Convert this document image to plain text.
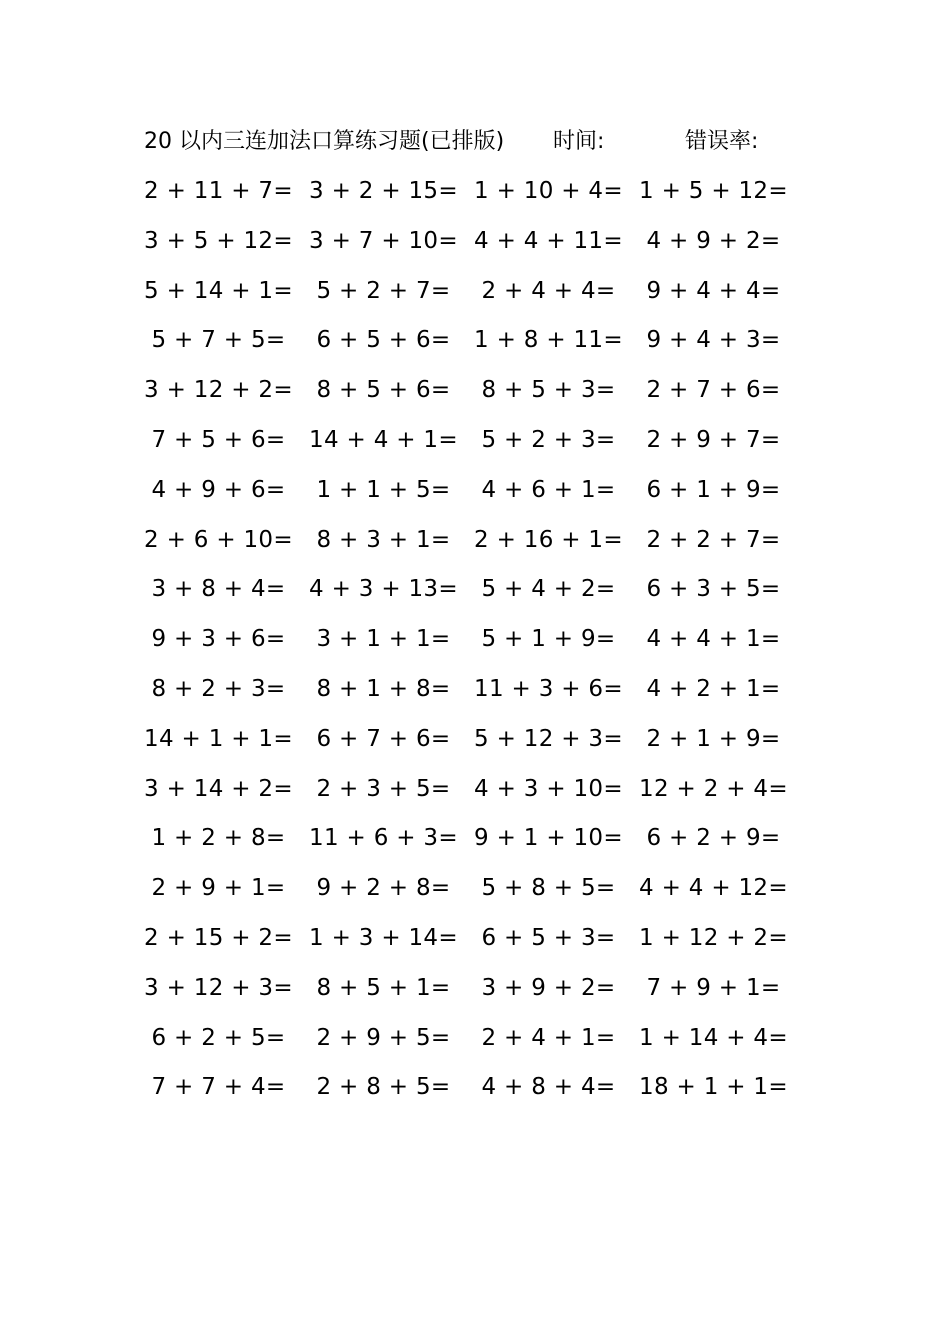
20 以内三连加法口算练习题(已排版) 时间:	错误率:
2 + 11 + 7= 3 + 2 + 15= 1 + 10 + 4= 1 + 5 + 12=
3 + 5 + 12= 3 + 7 + 10= 4 + 4 + 11=	4 + 9 + 2=
5 + 14 + 1=	5 + 2 + 7=	2 + 4 + 4=	9 + 4 + 4=
5 + 7 + 5=	6 + 5 + 6=	1 + 8 + 11=	9 + 4 + 3=
3 + 12 + 2=	8 + 5 + 6=	8 + 5 + 3=	2 + 7 + 6=
7 + 5 + 6=	14 + 4 + 1=	5 + 2 + 3=	2 + 9 + 7=
4 + 9 + 6=	1 + 1 + 5=	4 + 6 + 1=	6 + 1 + 9=
2 + 6 + 10=	8 + 3 + 1=	2 + 16 + 1=	2 + 2 + 7=
3 + 8 + 4=	4 + 3 + 13=	5 + 4 + 2=	6 + 3 + 5=
9 + 3 + 6=	3 + 1 + 1=	5 + 1 + 9=	4 + 4 + 1=
8 + 2 + 3=	8 + 1 + 8=	11 + 3 + 6=	4 + 2 + 1=
14 + 1 + 1=	6 + 7 + 6=	5 + 12 + 3=	2 + 1 + 9=
3 + 14 + 2=	2 + 3 + 5=	4 + 3 + 10= 12 + 2 + 4=
1 + 2 + 8=	11 + 6 + 3= 9 + 1 + 10=	6 + 2 + 9=
2 + 9 + 1=	9 + 2 + 8=	5 + 8 + 5=	4 + 4 + 12=
2 + 15 + 2= 1 + 3 + 14=	6 + 5 + 3=	1 + 12 + 2=
3 + 12 + 3=	8 + 5 + 1=	3 + 9 + 2=	7 + 9 + 1=
6 + 2 + 5=	2 + 9 + 5=	2 + 4 + 1=	1 + 14 + 4=
7 + 7 + 4=	2 + 8 + 5=	4 + 8 + 4=	18 + 1 + 1=
